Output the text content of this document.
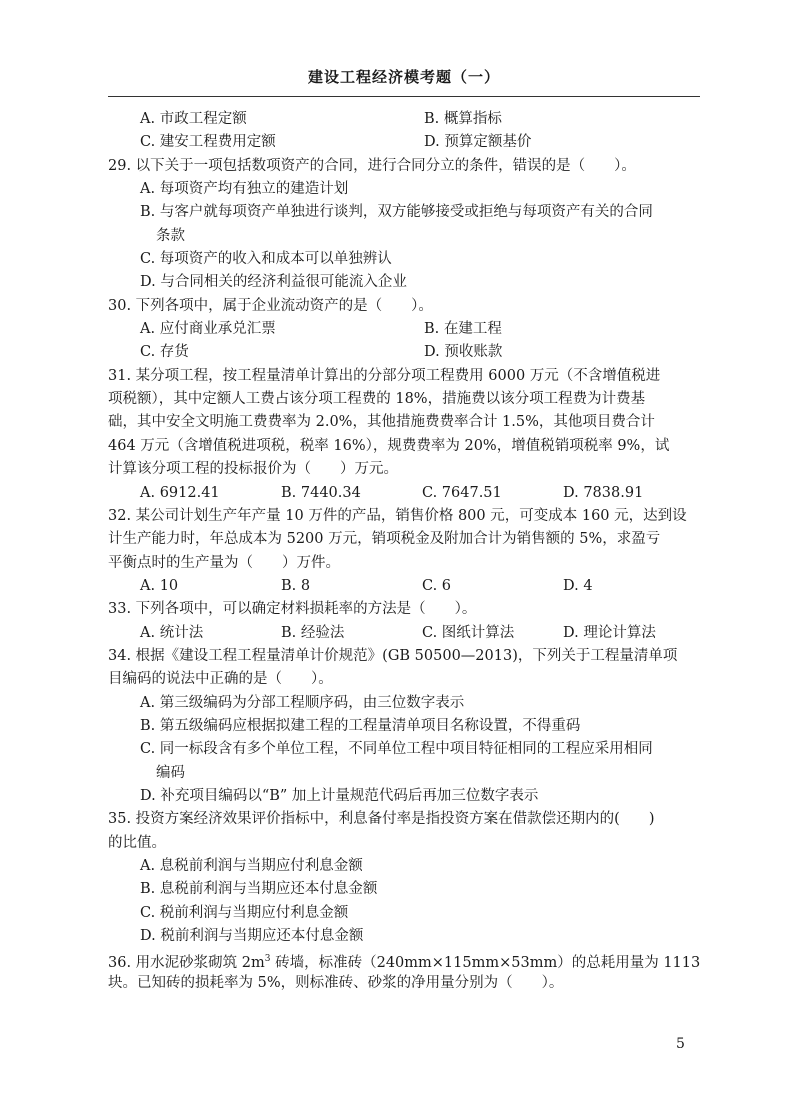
建设工程经济模考题（一）
A. 市政工程定额	B. 概算指标
C. 建安工程费用定额	D. 预算定额基价
29. 以下关于一项包括数项资产的合同，进行合同分立的条件，错误的是（　　）。
A. 每项资产均有独立的建造计划
B. 与客户就每项资产单独进行谈判，双方能够接受或拒绝与每项资产有关的合同
条款
C. 每项资产的收入和成本可以单独辨认
D. 与合同相关的经济利益很可能流入企业
30. 下列各项中，属于企业流动资产的是（　　）。
A. 应付商业承兑汇票	B. 在建工程
C. 存货	D. 预收账款
31. 某分项工程，按工程量清单计算出的分部分项工程费用 6000 万元（不含增值税进
项税额），其中定额人工费占该分项工程费的 18%，措施费以该分项工程费为计费基
础，其中安全文明施工费费率为 2.0%，其他措施费费率合计 1.5%，其他项目费合计
464 万元（含增值税进项税，税率 16%），规费费率为 20%，增值税销项税率 9%，试
计算该分项工程的投标报价为（　　）万元。
A. 6912.41	B. 7440.34	C. 7647.51	D. 7838.91
32. 某公司计划生产年产量 10 万件的产品，销售价格 800 元，可变成本 160 元，达到设
计生产能力时，年总成本为 5200 万元，销项税金及附加合计为销售额的 5%，求盈亏
平衡点时的生产量为（　　）万件。
A. 10	B. 8	C. 6	D. 4
33. 下列各项中，可以确定材料损耗率的方法是（　　）。
A. 统计法	B. 经验法	C. 图纸计算法	D. 理论计算法
34. 根据《建设工程工程量清单计价规范》(GB 50500—2013)，下列关于工程量清单项
目编码的说法中正确的是（　　）。
A. 第三级编码为分部工程顺序码，由三位数字表示
B. 第五级编码应根据拟建工程的工程量清单项目名称设置，不得重码
C. 同一标段含有多个单位工程，不同单位工程中项目特征相同的工程应采用相同
编码
D. 补充项目编码以“B” 加上计量规范代码后再加三位数字表示
35. 投资方案经济效果评价指标中，利息备付率是指投资方案在借款偿还期内的(　　)
的比值。
A. 息税前利润与当期应付利息金额
B. 息税前利润与当期应还本付息金额
C. 税前利润与当期应付利息金额
D. 税前利润与当期应还本付息金额
36. 用水泥砂浆砌筑 $2m^3$ 砖墙，标准砖（240mm×115mm×53mm）的总耗用量为 1113
块。已知砖的损耗率为 5%，则标准砖、砂浆的净用量分别为（　　）。
5
